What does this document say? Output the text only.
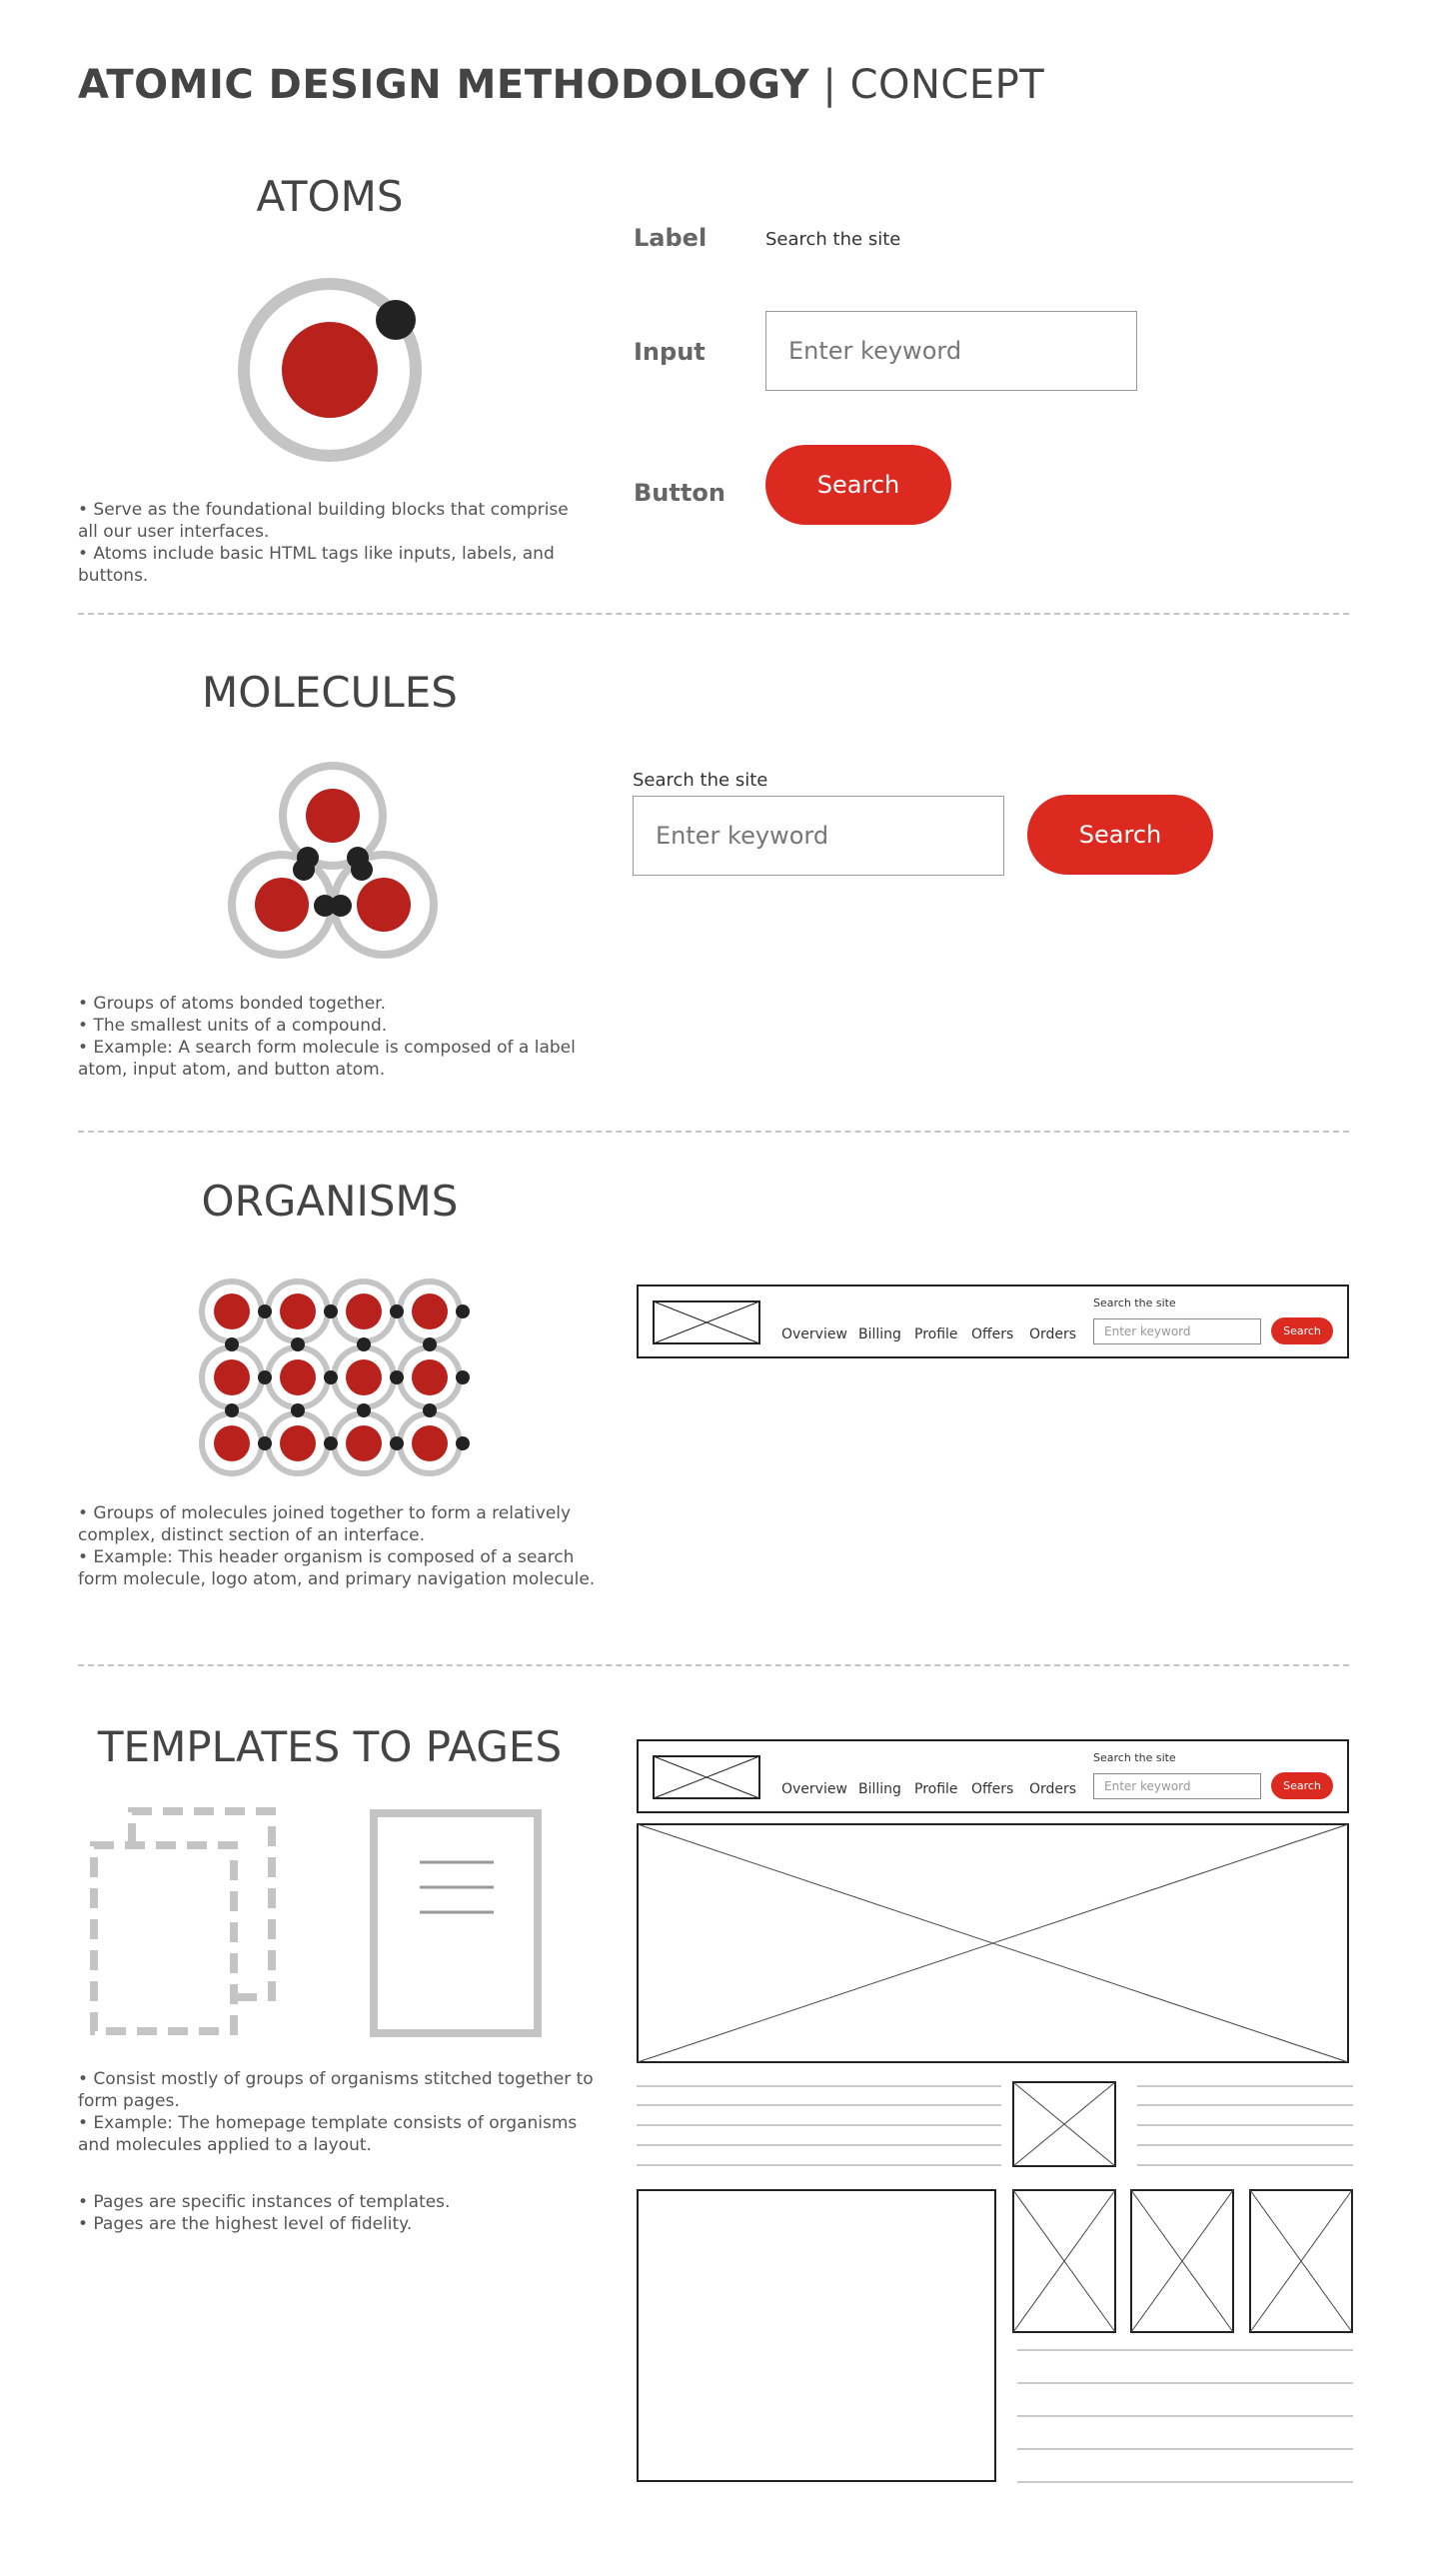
ATOMIC DESIGN METHODOLOGY | CONCEPT
ATOMS
• Serve as the foundational building blocks that comprise all our user interfaces.
• Atoms include basic HTML tags like inputs, labels, and buttons.
Label	Search the site
Input	Enter keyword
Button	Search
MOLECULES
• Groups of atoms bonded together.
• The smallest units of a compound.
• Example: A search form molecule is composed of a label atom, input atom, and button atom.
Search the site
Enter keyword	Search
ORGANISMS
• Groups of molecules joined together to form a relatively complex, distinct section of an interface.
• Example: This header organism is composed of a search form molecule, logo atom, and primary navigation molecule.
Overview Billing Profile Offers Orders
Search the site
Enter keyword	Search
TEMPLATES TO PAGES
• Consist mostly of groups of organisms stitched together to form pages.
• Example: The homepage template consists of organisms and molecules applied to a layout.
• Pages are specific instances of templates.
• Pages are the highest level of fidelity.
Overview Billing Profile Offers Orders
Search the site
Enter keyword	Search
